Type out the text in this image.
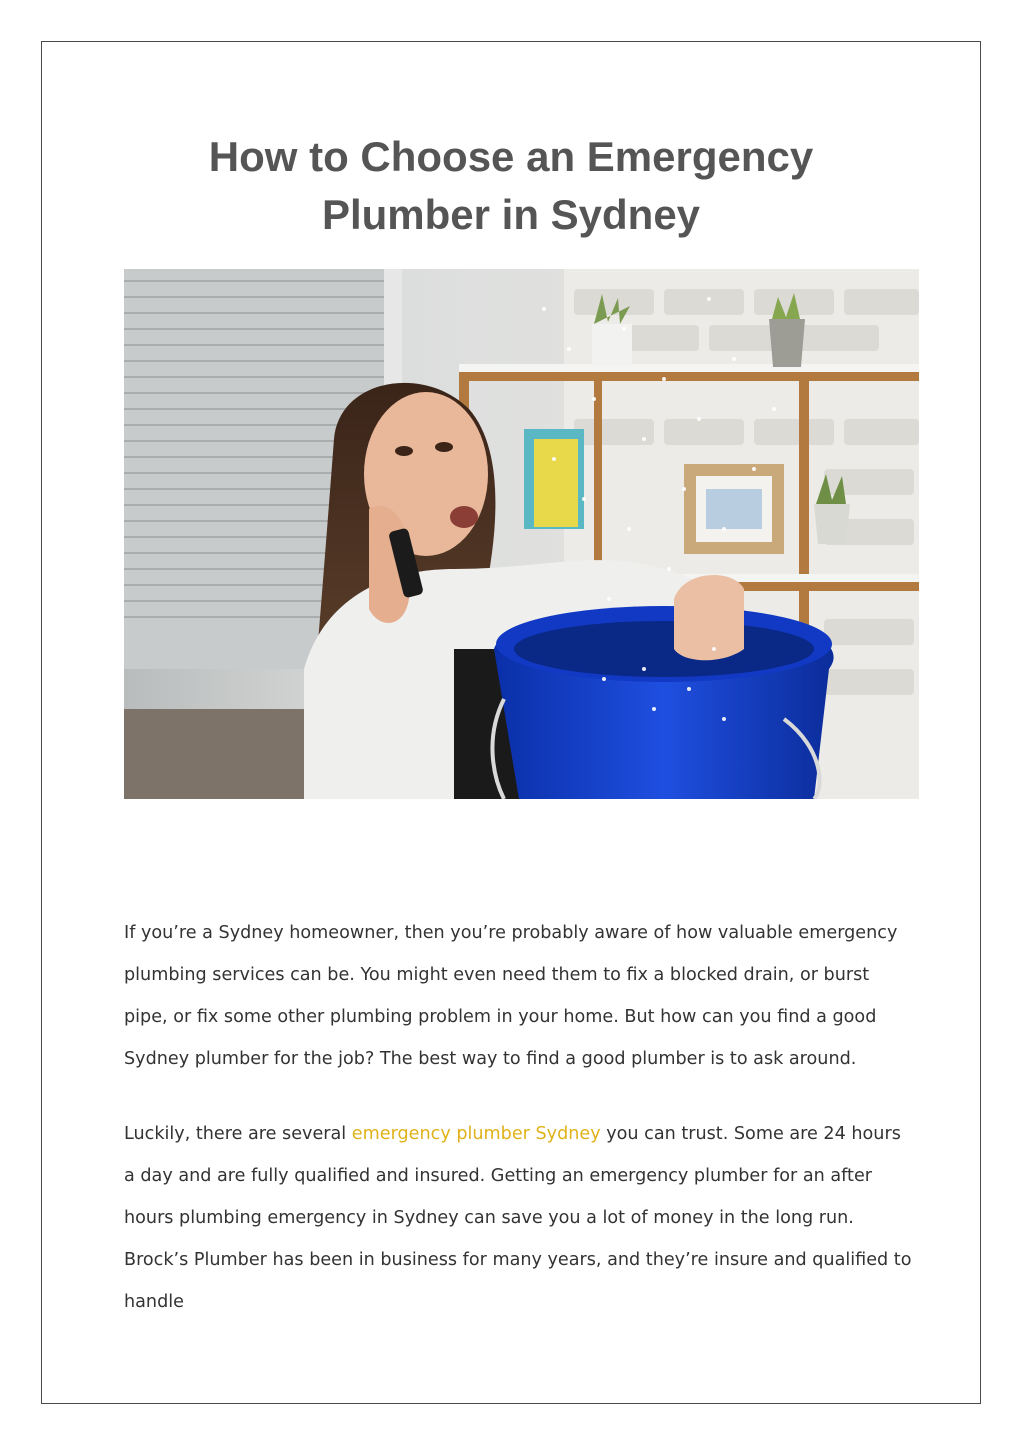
How to Choose an Emergency
Plumber in Sydney

If you’re a Sydney homeowner, then you’re probably aware of how valuable emergency plumbing services can be. You might even need them to fix a blocked drain, or burst pipe, or fix some other plumbing problem in your home. But how can you find a good Sydney plumber for the job? The best way to find a good plumber is to ask around.

Luckily, there are several emergency plumber Sydney you can trust. Some are 24 hours a day and are fully qualified and insured. Getting an emergency plumber for an after hours plumbing emergency in Sydney can save you a lot of money in the long run. Brock’s Plumber has been in business for many years, and they’re insure and qualified to handle
